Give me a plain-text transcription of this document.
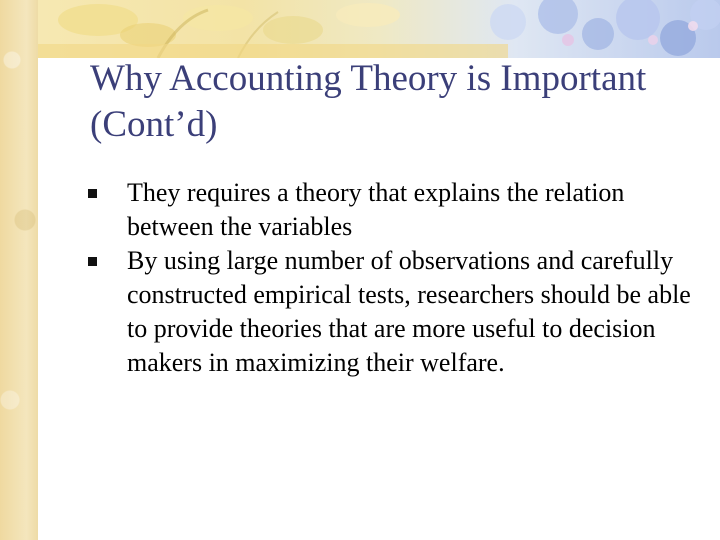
Why Accounting Theory is Important (Cont’d)
They requires a theory that explains the relation between the variables
By using large number of observations and carefully constructed empirical tests, researchers should be able to provide theories that are more useful to decision makers in maximizing their welfare.
